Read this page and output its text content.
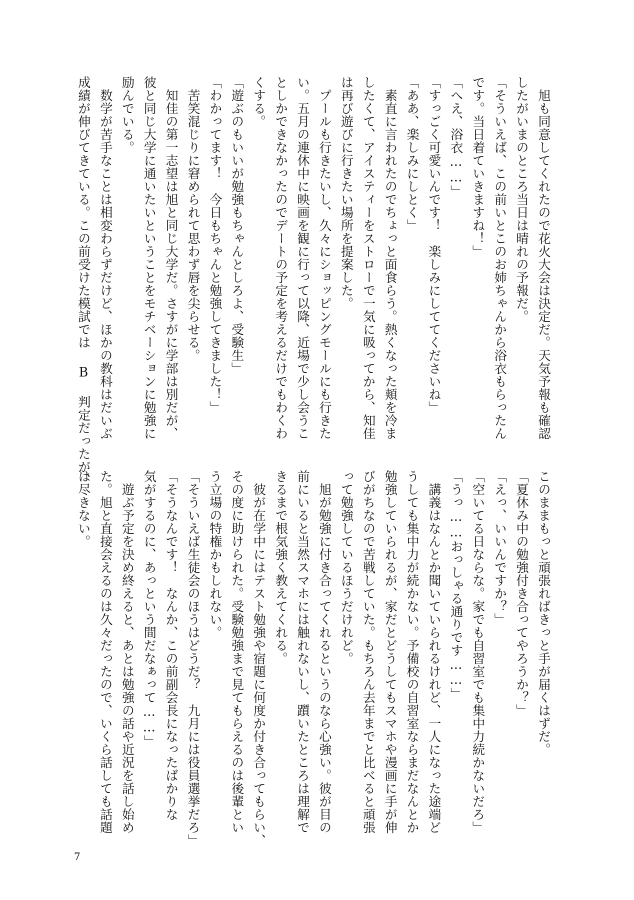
　旭も同意してくれたので花火大会は決定だ。天気予報も確認
したがいまのところ当日は晴れの予報だ。
「そういえば、この前いとこのお姉ちゃんから浴衣もらったん
です。当日着ていきますね！」
「へえ、浴衣……」
「すっごく可愛いんです！　楽しみにしててくださいね」
「ああ、楽しみにしとく」
　素直に言われたのでちょっと面食らう。熱くなった頬を冷ま
したくて、アイスティーをストローで一気に吸ってから、知佳
は再び遊びに行きたい場所を提案した。
　プールも行きたいし、久々にショッピングモールにも行きた
い。五月の連休中に映画を観に行って以降、近場で少し会うこ
としかできなかったのでデートの予定を考えるだけでもわくわ
くする。
「遊ぶのもいいが勉強もちゃんとしろよ、受験生」
「わかってます！　今日もちゃんと勉強してきました！」
　苦笑混じりに窘められて思わず唇を尖らせる。
　知佳の第一志望は旭と同じ大学だ。さすがに学部は別だが、
彼と同じ大学に通いたいということをモチベーションに勉強に
励んでいる。
　数学が苦手なことは相変わらずだけど、ほかの教科はだいぶ
成績が伸びてきている。この前受けた模試では B 判定だったが、
このままもっと頑張ればきっと手が届くはずだ。
「夏休み中の勉強付き合ってやろうか？」
「えっ、いいんですか？」
「空いてる日ならな。家でも自習室でも集中力続かないだろ」
「うっ……おっしゃる通りです……」
　講義はなんとか聞いていられるけれど、一人になった途端ど
うしても集中力が続かない。予備校の自習室ならまだなんとか
勉強していられるが、家だとどうしてもスマホや漫画に手が伸
びがちなので苦戦していた。もちろん去年までと比べると頑張
って勉強しているほうだけれど。
　旭が勉強に付き合ってくれるというのなら心強い。彼が目の
前にいると当然スマホには触れないし、躓いたところは理解で
きるまで根気強く教えてくれる。
　彼が在学中にはテスト勉強や宿題に何度か付き合ってもらい、
その度に助けられた。受験勉強まで見てもらえるのは後輩とい
う立場の特権かもしれない。
「そういえば生徒会のほうはどうだ？　九月には役員選挙だろ」
「そうなんです！　なんか、この前副会長になったばかりな
気がするのに、あっという間だなぁって……」
　遊ぶ予定を決め終えると、あとは勉強の話や近況を話し始め
た。旭と直接会えるのは久々だったので、いくら話しても話題
は尽きない。
7
